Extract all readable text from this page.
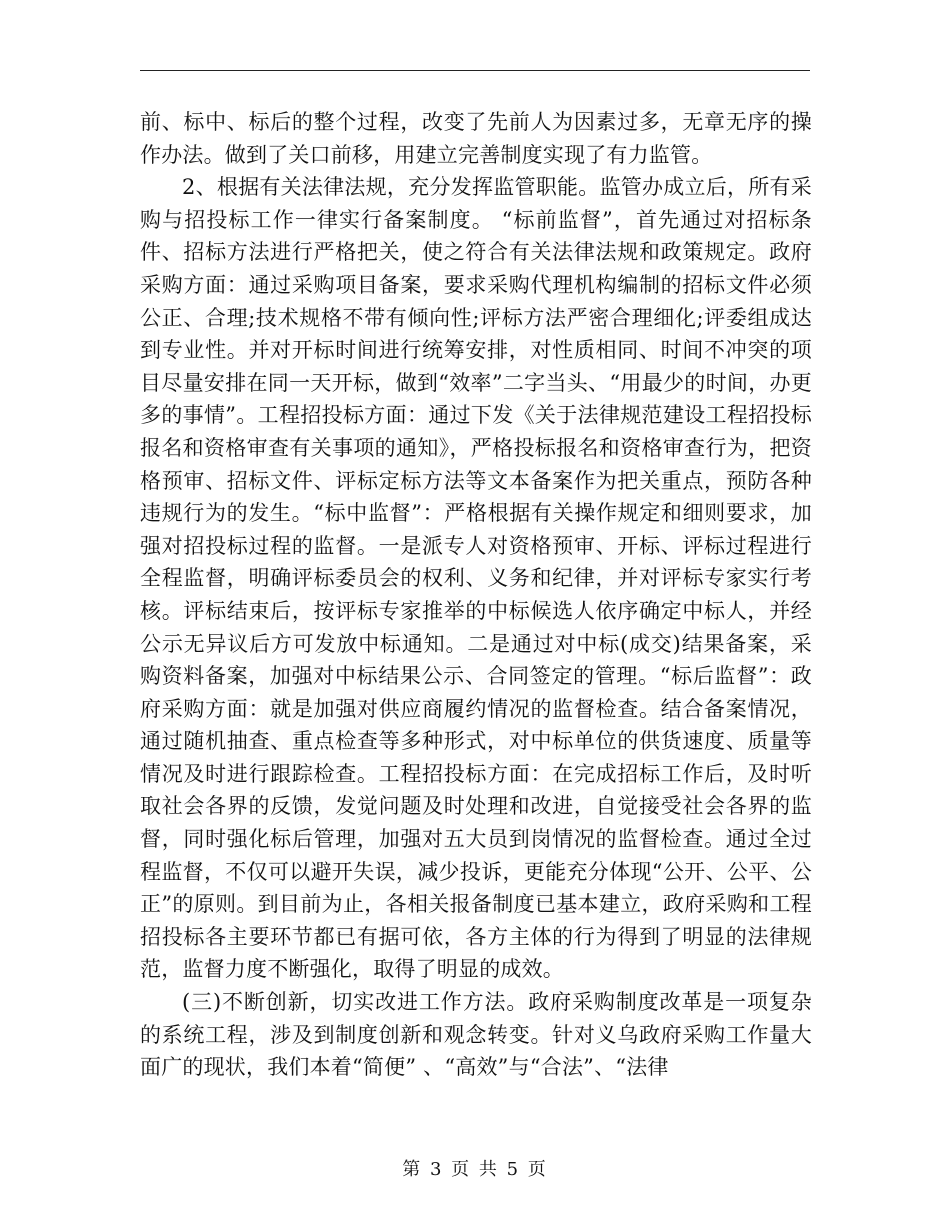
前、标中、标后的整个过程，改变了先前人为因素过多，无章无序的操作办法。做到了关口前移，用建立完善制度实现了有力监管。

2、根据有关法律法规，充分发挥监管职能。监管办成立后，所有采购与招投标工作一律实行备案制度。 “标前监督”，首先通过对招标条件、招标方法进行严格把关，使之符合有关法律法规和政策规定。政府采购方面：通过采购项目备案，要求采购代理机构编制的招标文件必须公正、合理;技术规格不带有倾向性;评标方法严密合理细化;评委组成达到专业性。并对开标时间进行统筹安排，对性质相同、时间不冲突的项目尽量安排在同一天开标，做到“效率”二字当头、“用最少的时间，办更多的事情”。工程招投标方面：通过下发《关于法律规范建设工程招投标报名和资格审查有关事项的通知》，严格投标报名和资格审查行为，把资格预审、招标文件、评标定标方法等文本备案作为把关重点，预防各种违规行为的发生。“标中监督”：严格根据有关操作规定和细则要求，加强对招投标过程的监督。一是派专人对资格预审、开标、评标过程进行全程监督，明确评标委员会的权利、义务和纪律，并对评标专家实行考核。评标结束后，按评标专家推举的中标候选人依序确定中标人，并经公示无异议后方可发放中标通知。二是通过对中标(成交)结果备案，采购资料备案，加强对中标结果公示、合同签定的管理。“标后监督”：政府采购方面：就是加强对供应商履约情况的监督检查。结合备案情况，通过随机抽查、重点检查等多种形式，对中标单位的供货速度、质量等情况及时进行跟踪检查。工程招投标方面：在完成招标工作后，及时听取社会各界的反馈，发觉问题及时处理和改进，自觉接受社会各界的监督，同时强化标后管理，加强对五大员到岗情况的监督检查。通过全过程监督，不仅可以避开失误，减少投诉，更能充分体现“公开、公平、公正”的原则。到目前为止，各相关报备制度已基本建立，政府采购和工程招投标各主要环节都已有据可依，各方主体的行为得到了明显的法律规范，监督力度不断强化，取得了明显的成效。

(三)不断创新，切实改进工作方法。政府采购制度改革是一项复杂的系统工程，涉及到制度创新和观念转变。针对义乌政府采购工作量大面广的现状，我们本着“简便” 、“高效”与“合法”、“法律

第 3 页 共 5 页
